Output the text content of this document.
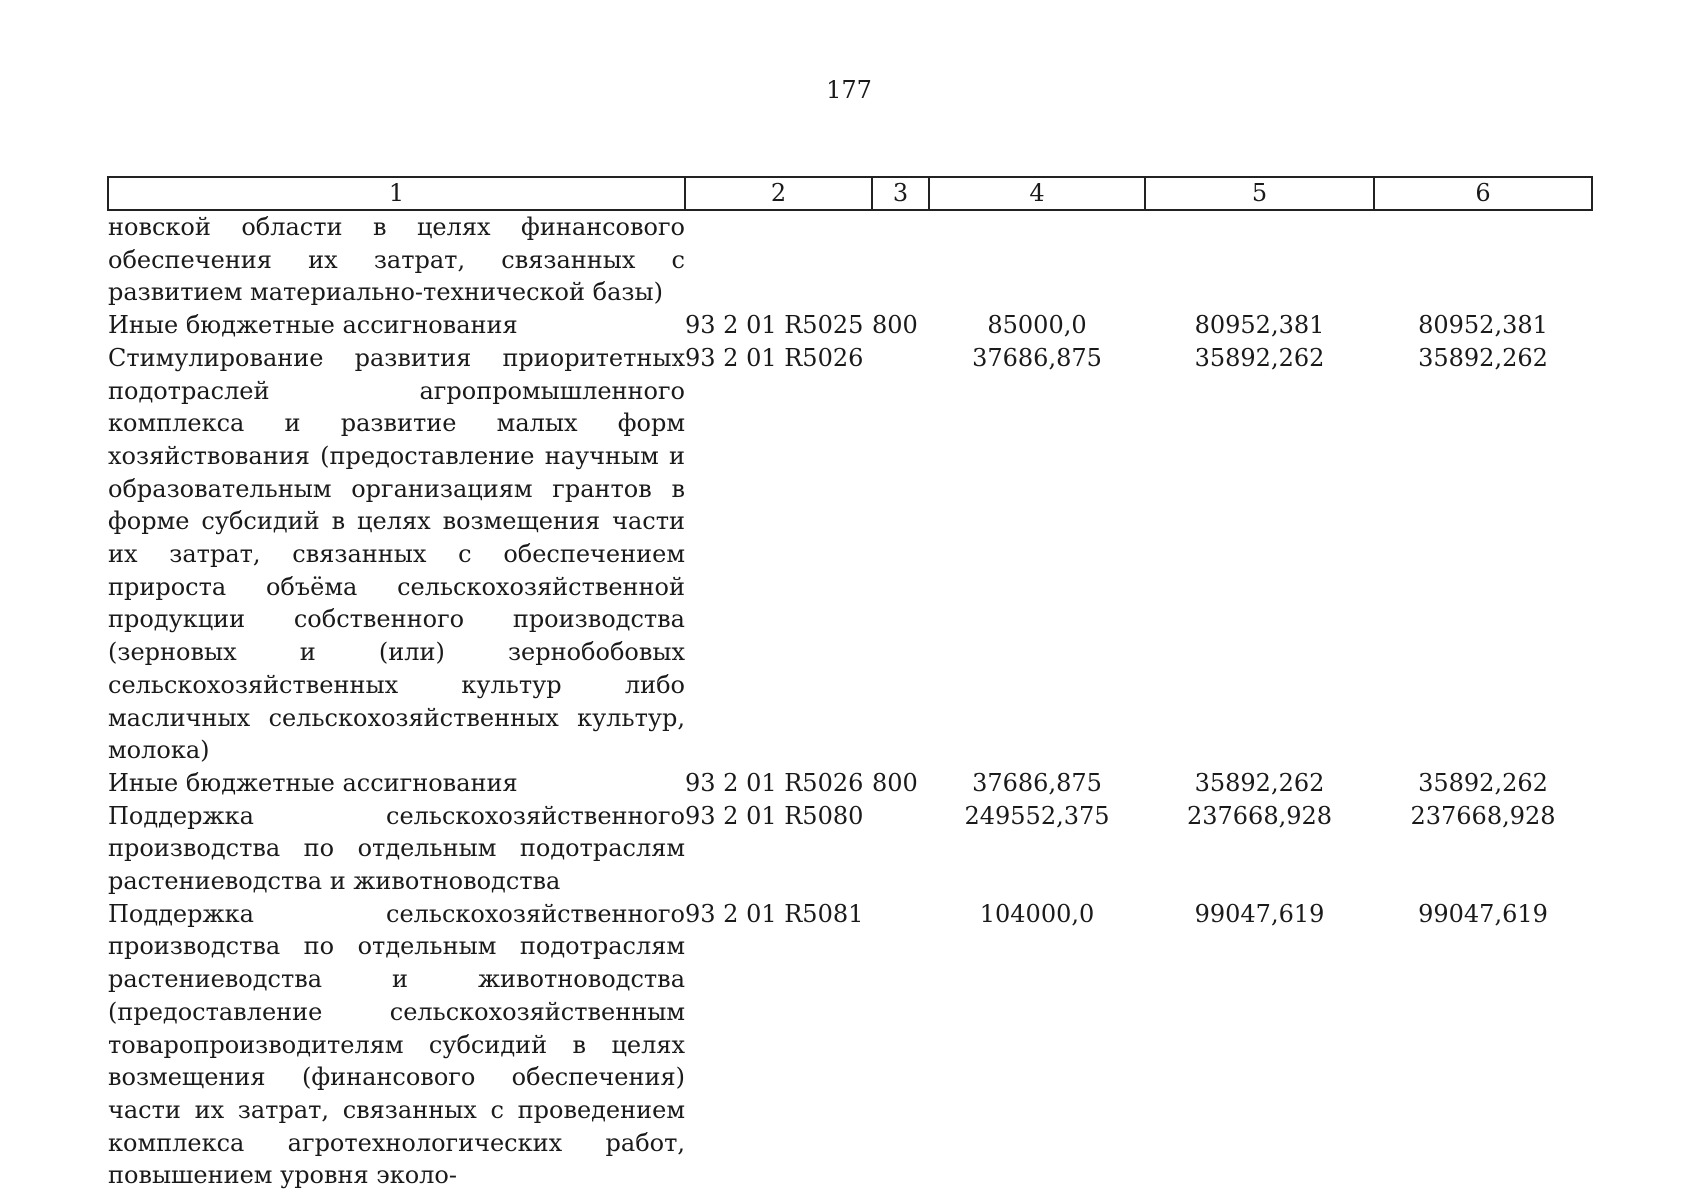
177
1	2	3	4	5	6
новской области в целях финансового обеспечения их затрат, связанных с развитием материально-технической базы)					
Иные бюджетные ассигнования	93 2 01 R5025	800	85000,0	80952,381	80952,381
Стимулирование развития приоритетных подотраслей агропромышленного комплекса и развитие малых форм хозяйствования (предоставление научным и образовательным организациям грантов в форме субсидий в целях возмещения части их затрат, связанных с обеспечением прироста объёма сельскохозяйственной продукции собственного производства (зерновых и (или) зернобобовых сельскохозяйственных культур либо масличных сельскохозяйственных культур, молока)	93 2 01 R5026		37686,875	35892,262	35892,262
Иные бюджетные ассигнования	93 2 01 R5026	800	37686,875	35892,262	35892,262
Поддержка сельскохозяйственного производства по отдельным подотраслям растениеводства и животноводства	93 2 01 R5080		249552,375	237668,928	237668,928
Поддержка сельскохозяйственного производства по отдельным подотраслям растениеводства и животноводства (предоставление сельскохозяйственным товаропроизводителям субсидий в целях возмещения (финансового обеспечения) части их затрат, связанных с проведением комплекса агротехнологических работ, повышением уровня эколо-	93 2 01 R5081		104000,0	99047,619	99047,619
